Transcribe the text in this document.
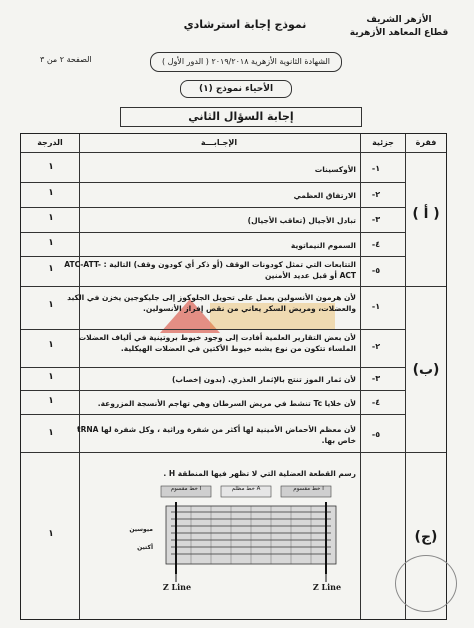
الأزهر الشريف
قطاع المعاهد الأزهرية
نموذج إجابة استرشادي
الصفحة ٢ من ٣	الشهادة الثانوية الأزهرية ٢٠١٩/٢٠١٨ ( الدور الأول )
الأحياء نموذج (١)
إجابة السؤال الثاني
فقرة
جزئية
الإجـابـــة
الدرجة
( أ )
١-
الأوكسينات
١
٢-
الارتفاق العظمي
١
٣-
تبادل الأجيال (تعاقب الأجيال)
١
٤-
السموم النيماتوية
١
٥-
التتابعات التي تمثل كودونات الوقف (أو ذكر أي كودون وقف) التالية : ATC-ATT-ACT أو قبل عديد الأمنين
١
(ب)
١-
لأن هرمون الأنسولين يعمل على تحويل الجلوكوز إلى جليكوجين يخزن في الكبد والعضلات، ومريض السكر يعاني من نقص إفراز الأنسولين.
١
٢-
لأن بعض التقارير العلمية أفادت إلى وجود خيوط بروتينية في ألياف العضلات الملساء تتكون من نوع يشبه خيوط الأكتين في العضلات الهيكلية.
١
٣-
لأن ثمار الموز تنتج بالإثمار العذري. (بدون إخصاب)
١
٤-
لأن خلايا Tc تنشط في مريض السرطان وهي تهاجم الأنسجة المزروعة.
١
٥-
لأن معظم الأحماض الأمينية لها أكثر من شفرة وراثية ، وكل شفرة لها tRNA خاص بها.
١
(ج)
رسم القطعة العضلية التي لا تظهر فيها المنطقة H .
١
I خط مقسوم
A خط مظلم
I خط مقسوم
ميوسين
أكتين
Z Line	Z Line
